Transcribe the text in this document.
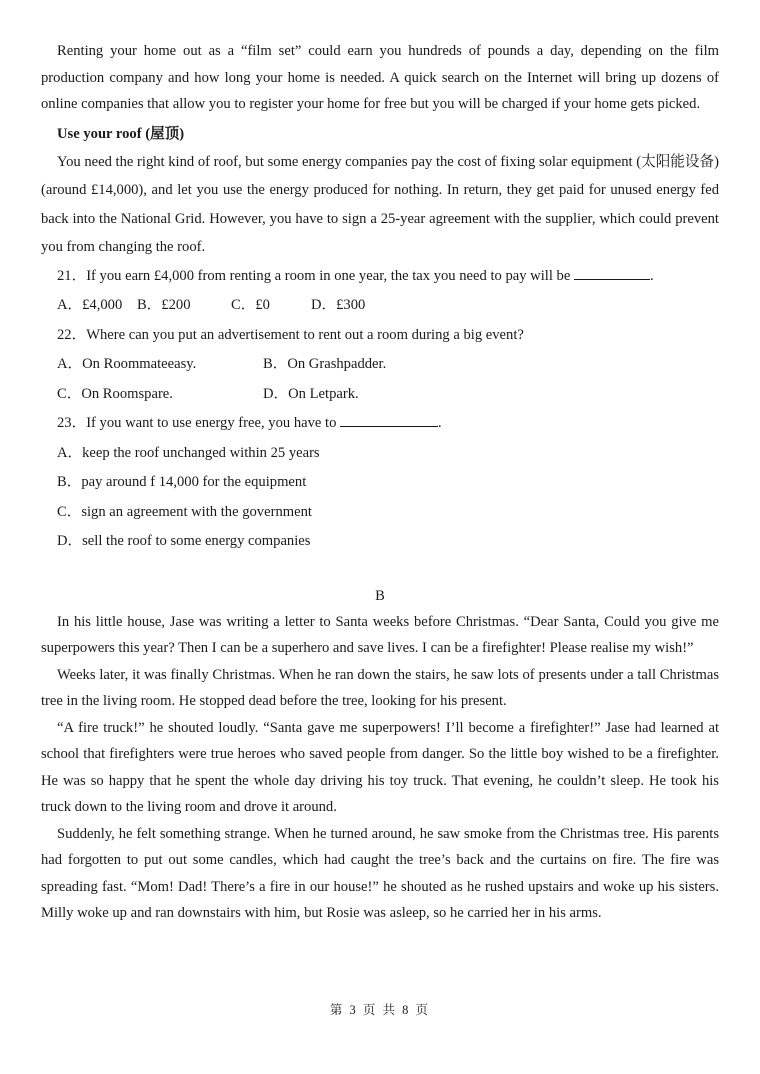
Renting your home out as a “film set” could earn you hundreds of pounds a day, depending on the film production company and how long your home is needed. A quick search on the Internet will bring up dozens of online companies that allow you to register your home for free but you will be charged if your home gets picked.

Use your roof (屋顶)

You need the right kind of roof, but some energy companies pay the cost of fixing solar equipment (太阳能设备) (around £14,000), and let you use the energy produced for nothing. In return, they get paid for unused energy fed back into the National Grid. However, you have to sign a 25-year agreement with the supplier, which could prevent you from changing the roof.

21．If you earn £4,000 from renting a room in one year, the tax you need to pay will be	.

A．£4,000	B．£200	C．£0	D．£300

22．Where can you put an advertisement to rent out a room during a big event?

A．On Roommateeasy.	B．On Grashpadder.
C．On Roomspare.	D．On Letpark.

23．If you want to use energy free, you have to	.

A．keep the roof unchanged within 25 years

B．pay around f 14,000 for the equipment

C．sign an agreement with the government

D．sell the roof to some energy companies

B

In his little house, Jase was writing a letter to Santa weeks before Christmas. “Dear Santa, Could you give me superpowers this year? Then I can be a superhero and save lives. I can be a firefighter! Please realise my wish!”

Weeks later, it was finally Christmas. When he ran down the stairs, he saw lots of presents under a tall Christmas tree in the living room. He stopped dead before the tree, looking for his present.

“A fire truck!” he shouted loudly. “Santa gave me superpowers! I’ll become a firefighter!” Jase had learned at school that firefighters were true heroes who saved people from danger. So the little boy wished to be a firefighter. He was so happy that he spent the whole day driving his toy truck. That evening, he couldn’t sleep. He took his truck down to the living room and drove it around.

Suddenly, he felt something strange. When he turned around, he saw smoke from the Christmas tree. His parents had forgotten to put out some candles, which had caught the tree’s back and the curtains on fire. The fire was spreading fast. “Mom! Dad! There’s a fire in our house!” he shouted as he rushed upstairs and woke up his sisters. Milly woke up and ran downstairs with him, but Rosie was asleep, so he carried her in his arms.

第 3 页 共 8 页
